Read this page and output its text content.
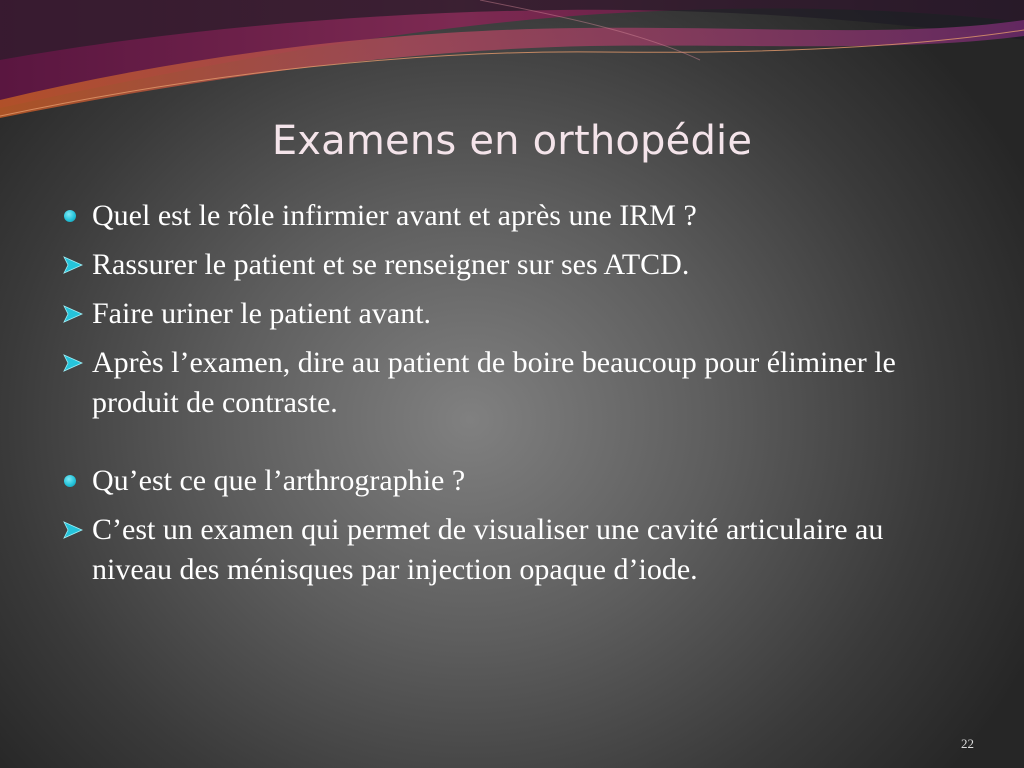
Examens en orthopédie
Quel est le rôle infirmier avant et après une IRM ?
Rassurer le patient et se renseigner sur ses ATCD.
Faire uriner le patient avant.
Après l’examen, dire au patient de boire beaucoup pour éliminer le produit de contraste.
Qu’est ce que l’arthrographie ?
C’est un examen qui permet de visualiser une cavité articulaire au niveau des ménisques par injection opaque d’iode.
22
